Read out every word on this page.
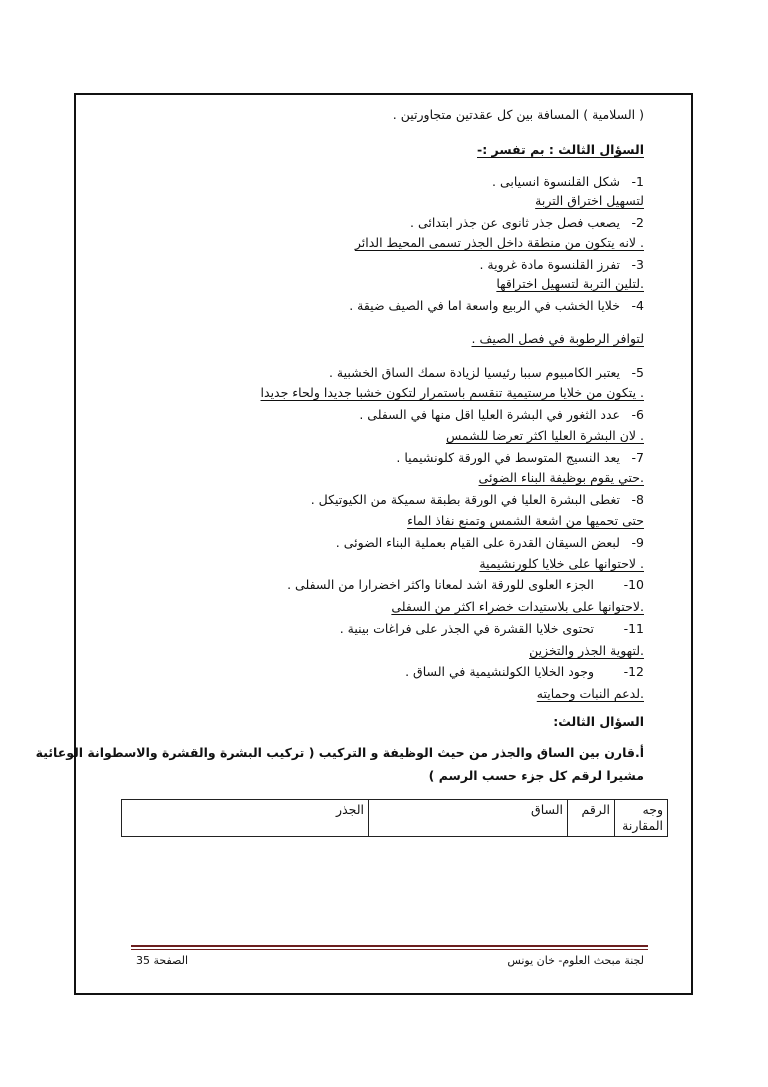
( السلامية ) المسافة بين كل عقدتين متجاورتين .
السؤال الثالث : بم تفسر :-
1-شكل القلنسوة انسيابى .
لتسهيل اختراق التربة
2-يصعب فصل جذر ثانوى عن جذر ابتدائى .
. لانه يتكون من منطقة داخل الجذر تسمى المحيط الدائر
3-تفرز القلنسوة مادة غروية .
.لتلين التربة لتسهيل اختراقها
4-خلايا الخشب في الربيع واسعة اما في الصيف ضيقة .
لتوافر الرطوبة في فصل الصيف .
5-يعتبر الكامبيوم سببا رئيسيا لزيادة سمك الساق الخشبية .
. يتكون من خلايا مرستيمية تنقسم باستمرار لتكون خشبا جديدا ولحاء جديدا
6-عدد الثغور في البشرة العليا اقل منها في السفلى .
. لان البشرة العليا اكثر تعرضا للشمس
7-يعد النسيج المتوسط في الورقة كلونشيميا .
.حتي يقوم بوظيفة البناء الضوئى
8-تغطى البشرة العليا في الورقة بطبقة سميكة من الكيوتيكل .
حتى تحميها من اشعة الشمس وتمنع نفاذ الماء
9-لبعض السيقان القدرة على القيام بعملية البناء الضوئى .
. لاحتوانها على خلايا كلورنشيمية
10-الجزء العلوى للورقة اشد لمعانا واكثر اخضرارا من السفلى .
.لاحتوانها على بلاستيدات خضراء اكثر من السفلى
11-تحتوى خلايا القشرة في الجذر على فراغات بينية .
.لتهوية الجذر والتخزين
12-وجود الخلايا الكولنشيمية في الساق .
.لدعم النبات وحمايته
السؤال الثالث:
أ.قارن بين الساق والجذر من حيث الوظيفة و التركيب ( تركيب البشرة والقشرة والاسطوانة الوعائية
مشيرا لرقم كل جزء حسب الرسم )
وجه المقارنة	الرقم	الساق	الجذر
لجنة مبحث العلوم- خان يونس
الصفحة 35
